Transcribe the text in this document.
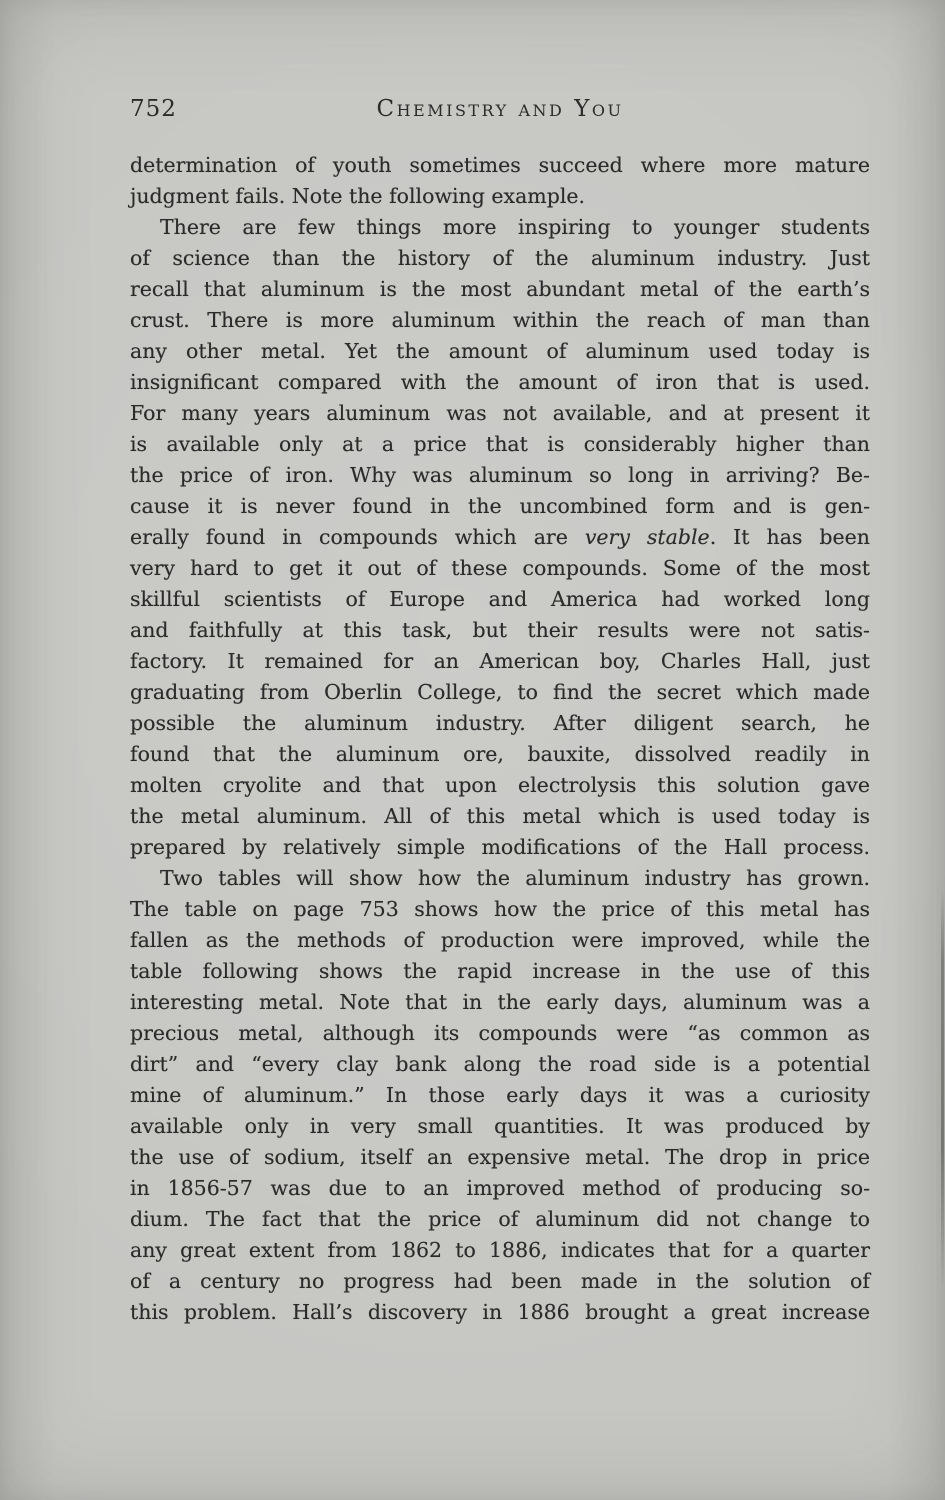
752	Chemistry and You
determination of youth sometimes succeed where more mature
judgment fails. Note the following example.
There are few things more inspiring to younger students
of science than the history of the aluminum industry. Just
recall that aluminum is the most abundant metal of the earth’s
crust. There is more aluminum within the reach of man than
any other metal. Yet the amount of aluminum used today is
insignificant compared with the amount of iron that is used.
For many years aluminum was not available, and at present it
is available only at a price that is considerably higher than
the price of iron. Why was aluminum so long in arriving? Be-
cause it is never found in the uncombined form and is gen-
erally found in compounds which are very stable. It has been
very hard to get it out of these compounds. Some of the most
skillful scientists of Europe and America had worked long
and faithfully at this task, but their results were not satis-
factory. It remained for an American boy, Charles Hall, just
graduating from Oberlin College, to find the secret which made
possible the aluminum industry. After diligent search, he
found that the aluminum ore, bauxite, dissolved readily in
molten cryolite and that upon electrolysis this solution gave
the metal aluminum. All of this metal which is used today is
prepared by relatively simple modifications of the Hall process.
Two tables will show how the aluminum industry has grown.
The table on page 753 shows how the price of this metal has
fallen as the methods of production were improved, while the
table following shows the rapid increase in the use of this
interesting metal. Note that in the early days, aluminum was a
precious metal, although its compounds were “as common as
dirt” and “every clay bank along the road side is a potential
mine of aluminum.” In those early days it was a curiosity
available only in very small quantities. It was produced by
the use of sodium, itself an expensive metal. The drop in price
in 1856-57 was due to an improved method of producing so-
dium. The fact that the price of aluminum did not change to
any great extent from 1862 to 1886, indicates that for a quarter
of a century no progress had been made in the solution of
this problem. Hall’s discovery in 1886 brought a great increase
